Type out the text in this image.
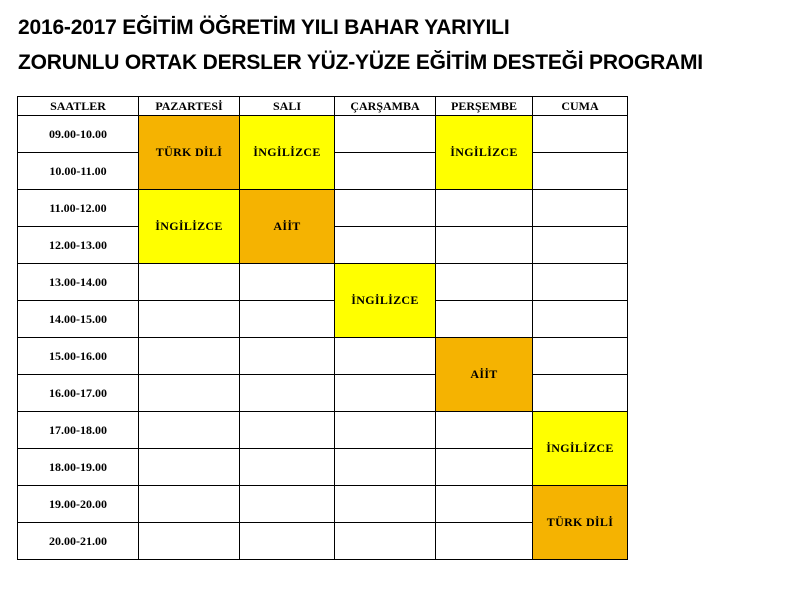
2016-2017 EĞİTİM ÖĞRETİM YILI BAHAR YARIYILI
ZORUNLU ORTAK DERSLER YÜZ-YÜZE EĞİTİM DESTEĞİ PROGRAMI
SAATLER	PAZARTESİ	SALI	ÇARŞAMBA	PERŞEMBE	CUMA
09.00-10.00	TÜRK DİLİ	İNGİLİZCE		İNGİLİZCE	
10.00-11.00					
11.00-12.00	İNGİLİZCE	AİİT			
12.00-13.00					
13.00-14.00			İNGİLİZCE		
14.00-15.00					
15.00-16.00				AİİT	
16.00-17.00					
17.00-18.00					İNGİLİZCE
18.00-19.00					
19.00-20.00					TÜRK DİLİ
20.00-21.00					
